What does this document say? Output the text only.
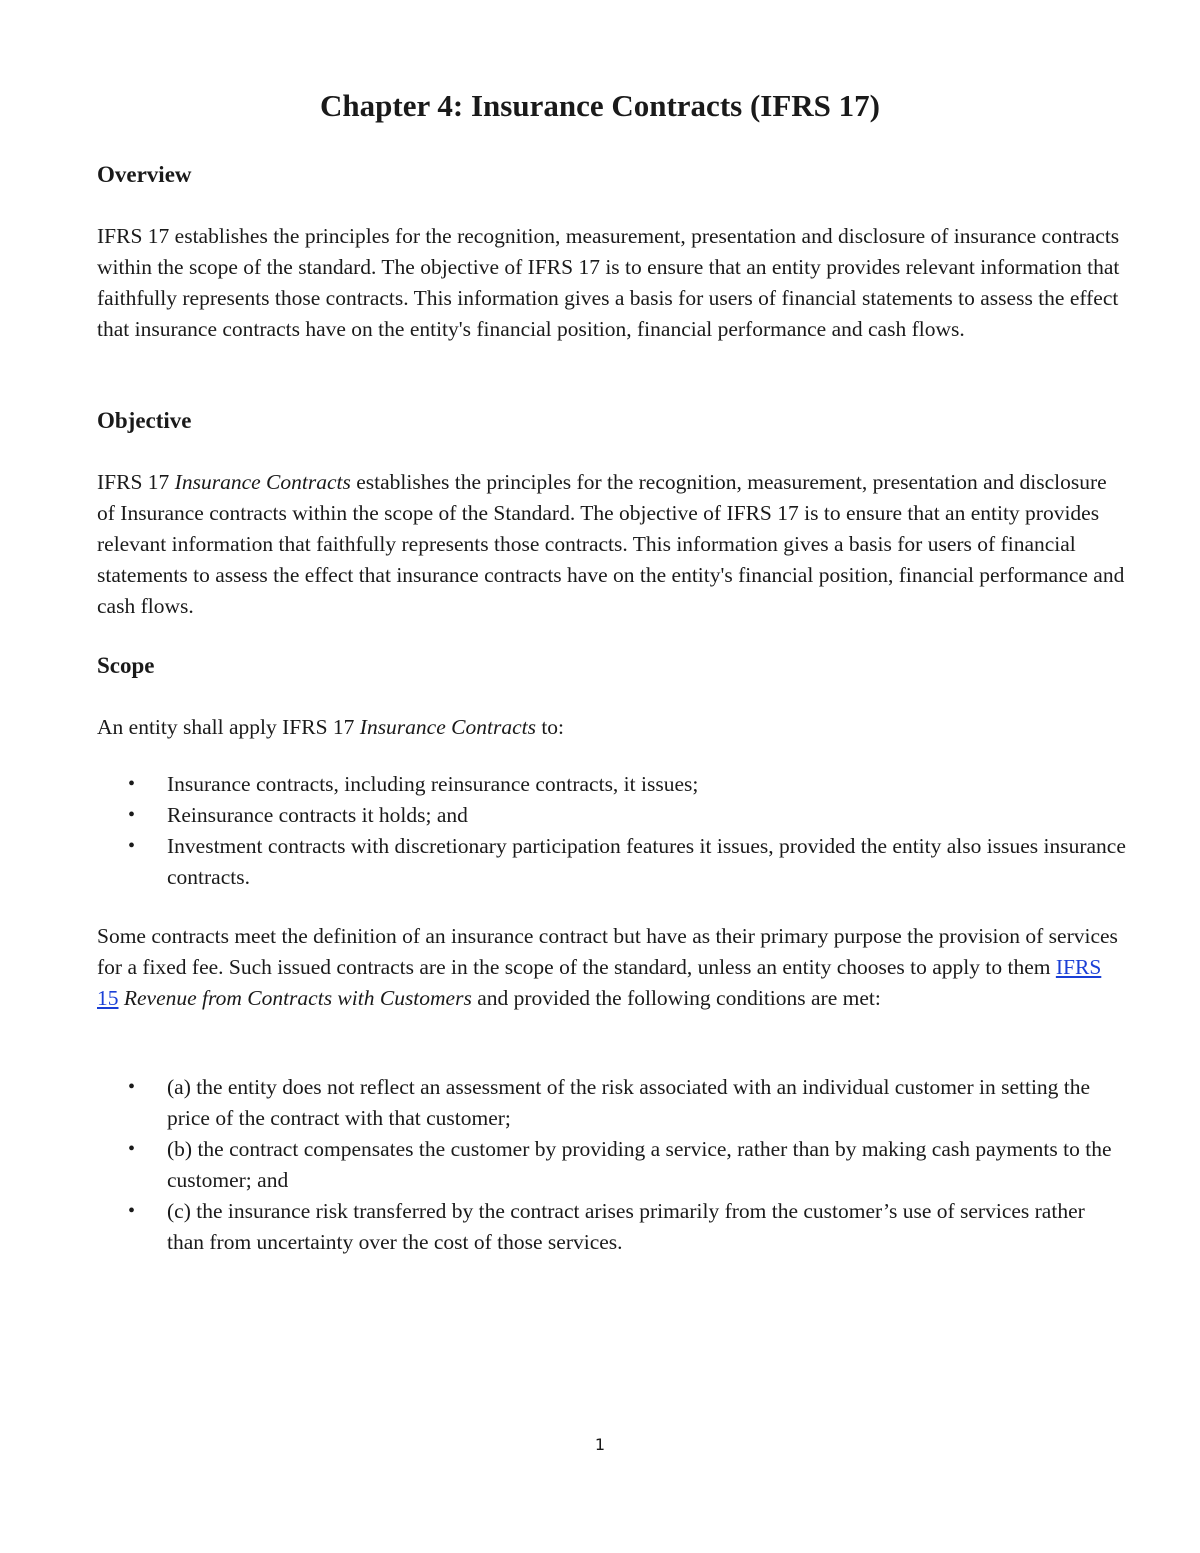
Chapter 4: Insurance Contracts (IFRS 17)
Overview

IFRS 17 establishes the principles for the recognition, measurement, presentation and disclosure of insurance contracts within the scope of the standard. The objective of IFRS 17 is to ensure that an entity provides relevant information that faithfully represents those contracts. This information gives a basis for users of financial statements to assess the effect that insurance contracts have on the entity's financial position, financial performance and cash flows.

Objective

IFRS 17 Insurance Contracts establishes the principles for the recognition, measurement, presentation and disclosure of Insurance contracts within the scope of the Standard. The objective of IFRS 17 is to ensure that an entity provides relevant information that faithfully represents those contracts. This information gives a basis for users of financial statements to assess the effect that insurance contracts have on the entity's financial position, financial performance and cash flows.

Scope

An entity shall apply IFRS 17 Insurance Contracts to:

• Insurance contracts, including reinsurance contracts, it issues;
• Reinsurance contracts it holds; and
• Investment contracts with discretionary participation features it issues, provided the entity also issues insurance contracts.

Some contracts meet the definition of an insurance contract but have as their primary purpose the provision of services for a fixed fee. Such issued contracts are in the scope of the standard, unless an entity chooses to apply to them IFRS 15 Revenue from Contracts with Customers and provided the following conditions are met:

• (a) the entity does not reflect an assessment of the risk associated with an individual customer in setting the price of the contract with that customer;
• (b) the contract compensates the customer by providing a service, rather than by making cash payments to the customer; and
• (c) the insurance risk transferred by the contract arises primarily from the customer’s use of services rather than from uncertainty over the cost of those services.
1
